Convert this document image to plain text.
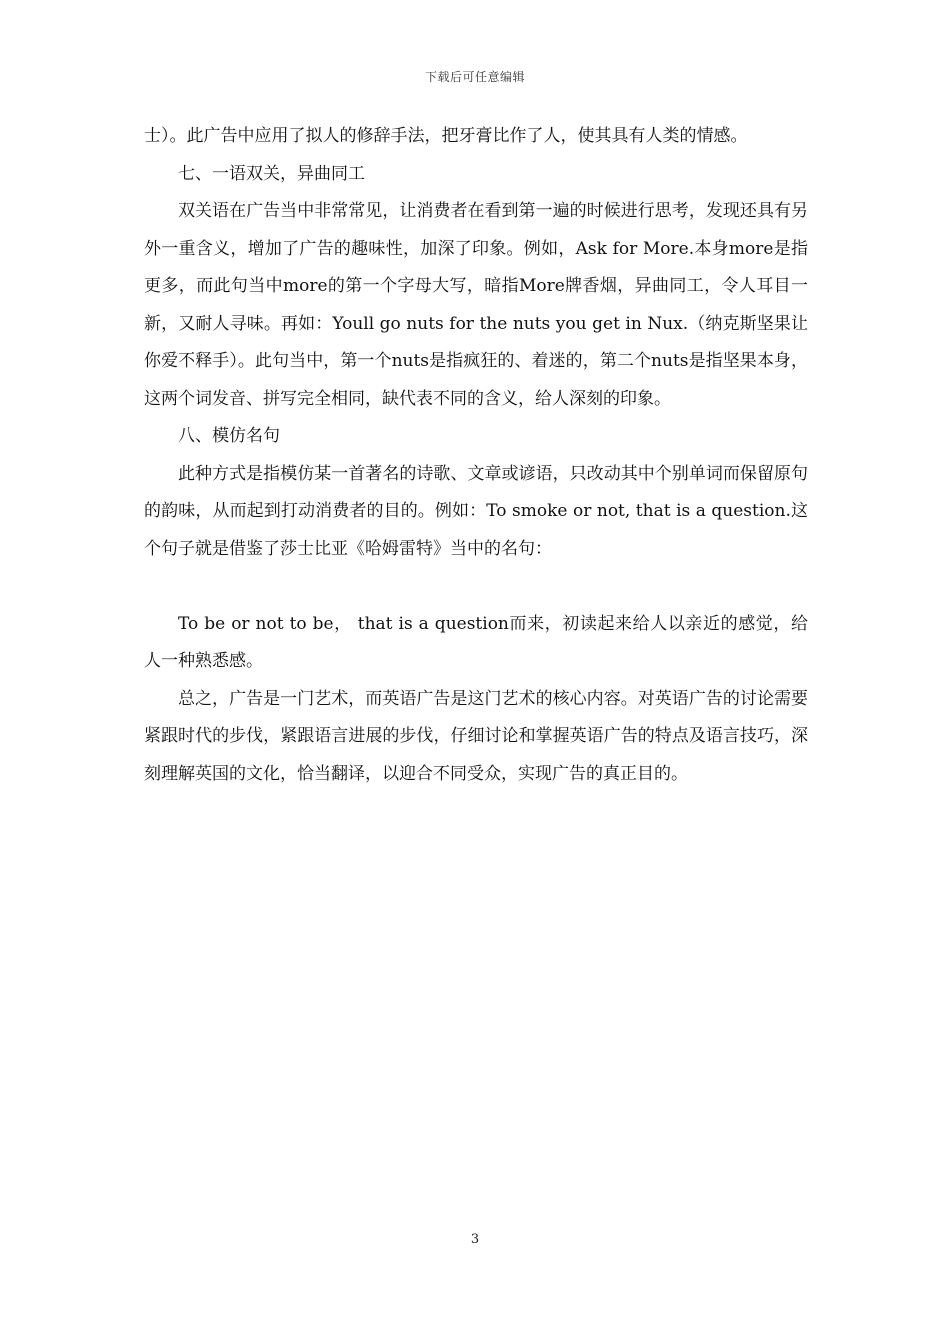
下载后可任意编辑

士）。此广告中应用了拟人的修辞手法，把牙膏比作了人，使其具有人类的情感。

七、一语双关，异曲同工

双关语在广告当中非常常见，让消费者在看到第一遍的时候进行思考，发现还具有另外一重含义，增加了广告的趣味性，加深了印象。例如，Ask for More.本身more是指更多，而此句当中more的第一个字母大写，暗指More牌香烟，异曲同工，令人耳目一新，又耐人寻味。再如：Youll go nuts for the nuts you get in Nux.（纳克斯坚果让你爱不释手）。此句当中，第一个nuts是指疯狂的、着迷的，第二个nuts是指坚果本身，这两个词发音、拼写完全相同，缺代表不同的含义，给人深刻的印象。

八、模仿名句

此种方式是指模仿某一首著名的诗歌、文章或谚语，只改动其中个别单词而保留原句的韵味，从而起到打动消费者的目的。例如：To smoke or not, that is a question.这个句子就是借鉴了莎士比亚《哈姆雷特》当中的名句：

To be or not to be， that is a question而来，初读起来给人以亲近的感觉，给人一种熟悉感。

总之，广告是一门艺术，而英语广告是这门艺术的核心内容。对英语广告的讨论需要紧跟时代的步伐，紧跟语言进展的步伐，仔细讨论和掌握英语广告的特点及语言技巧，深刻理解英国的文化，恰当翻译，以迎合不同受众，实现广告的真正目的。

3
